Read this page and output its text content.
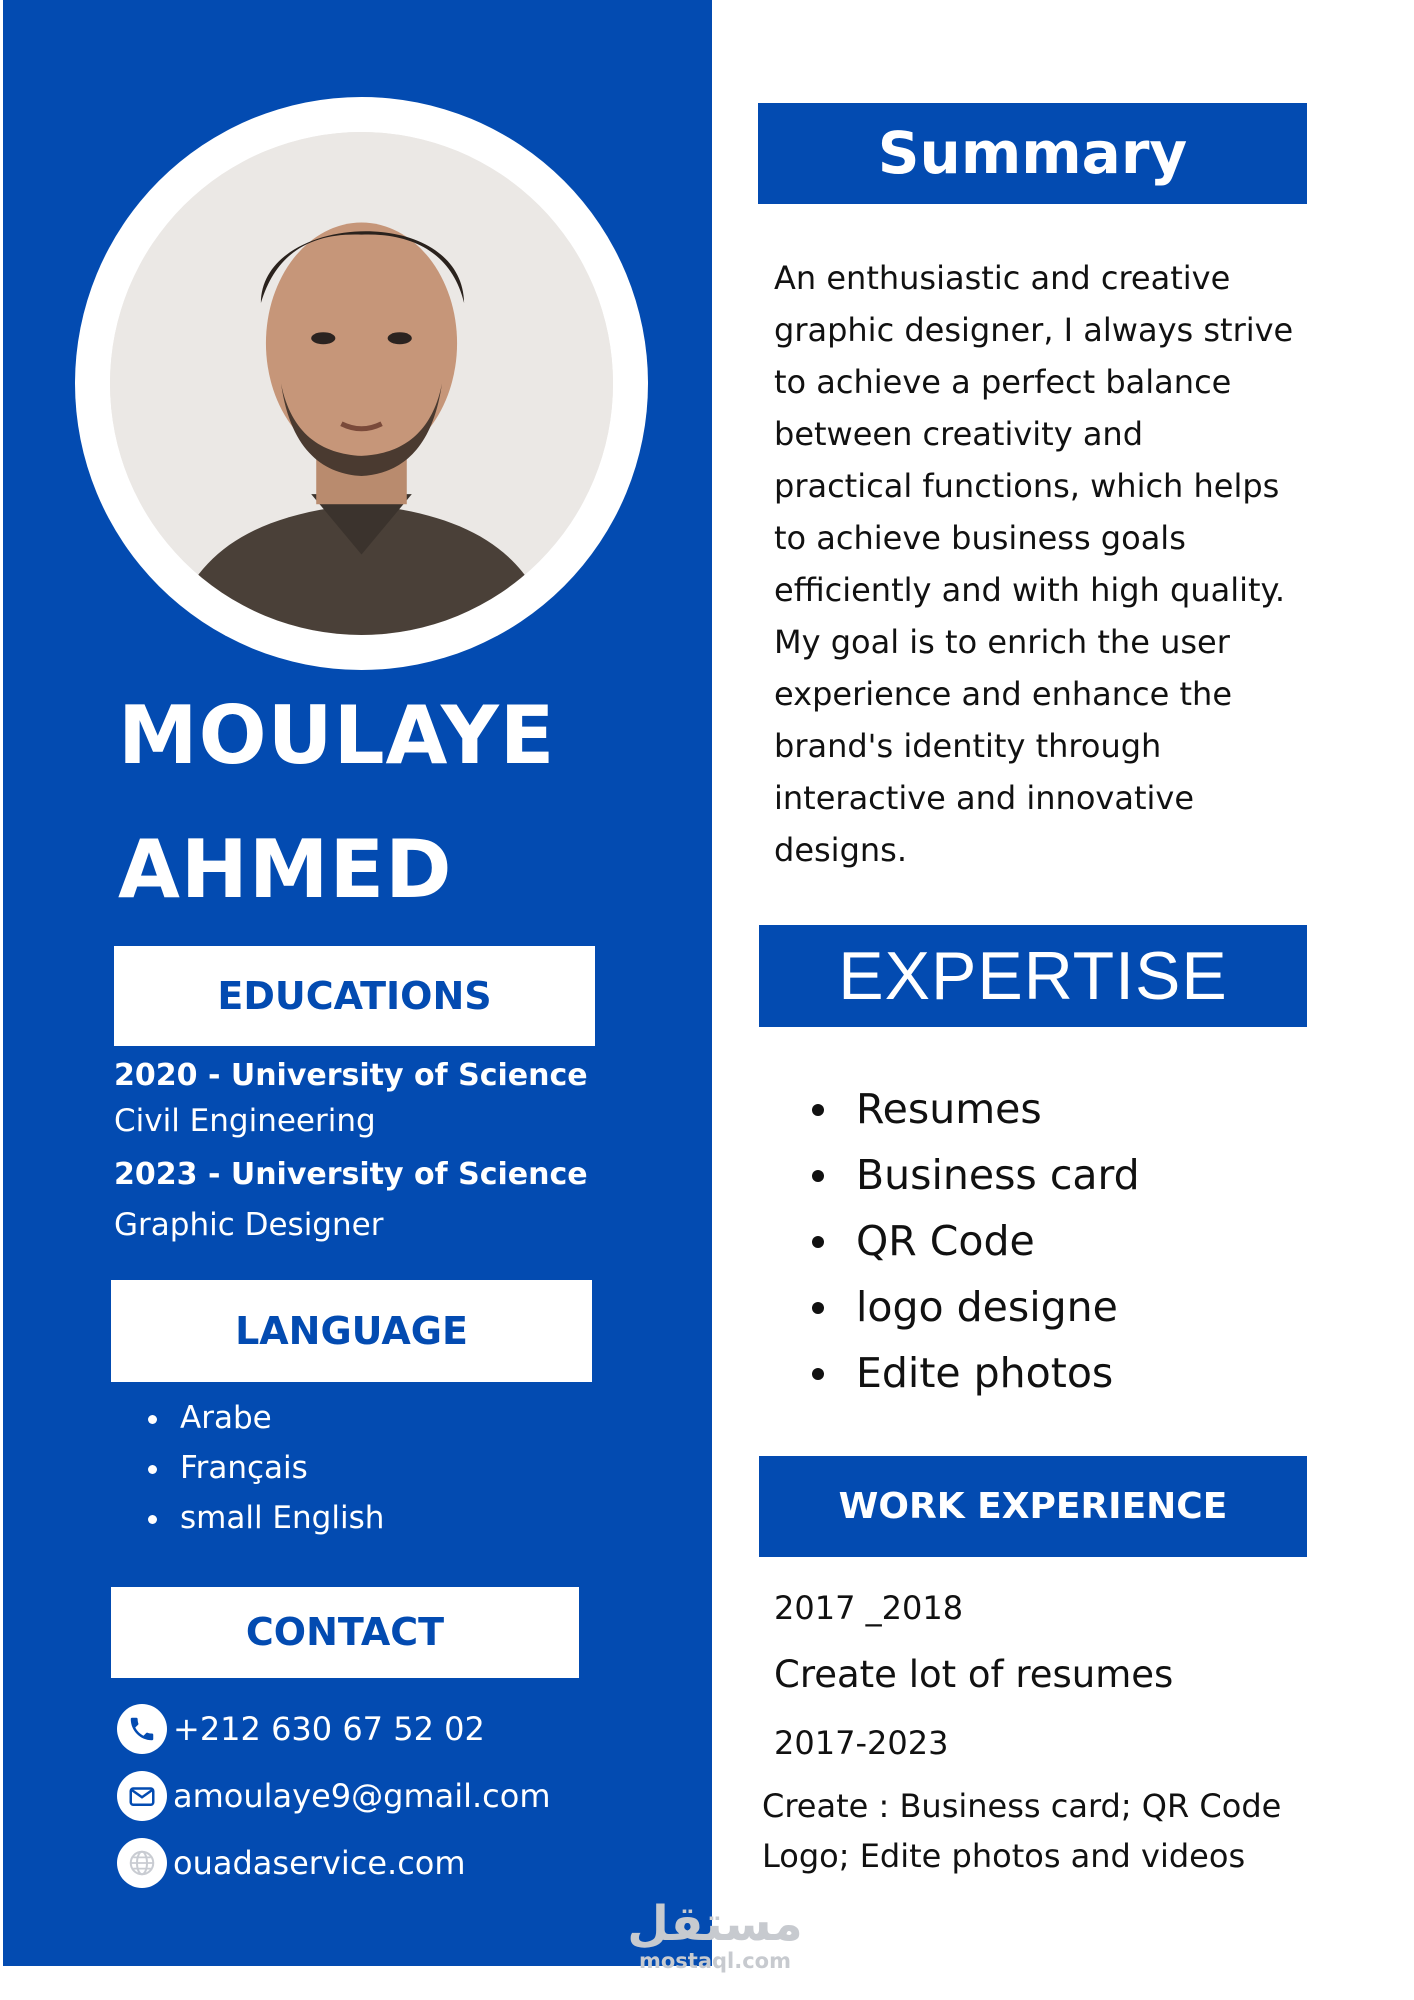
MOULAYE
AHMED
EDUCATIONS
2020 - University of Science
Civil Engineering
2023 - University of Science
Graphic Designer
LANGUAGE
Arabe
Français
small English
CONTACT
+212 630 67 52 02
amoulaye9@gmail.com
ouadaservice.com
Summary

An enthusiastic and creative
graphic designer, I always strive
to achieve a perfect balance
between creativity and
practical functions, which helps
to achieve business goals
efficiently and with high quality.
My goal is to enrich the user
experience and enhance the
brand's identity through
interactive and innovative
designs.

EXPERTISE
Resumes
Business card
QR Code
logo designe
Edite photos
WORK EXPERIENCE
2017 _2018
Create lot of resumes
2017-2023
Create : Business card; QR Code
Logo; Edite photos and videos
مستقل
mostaql.com
